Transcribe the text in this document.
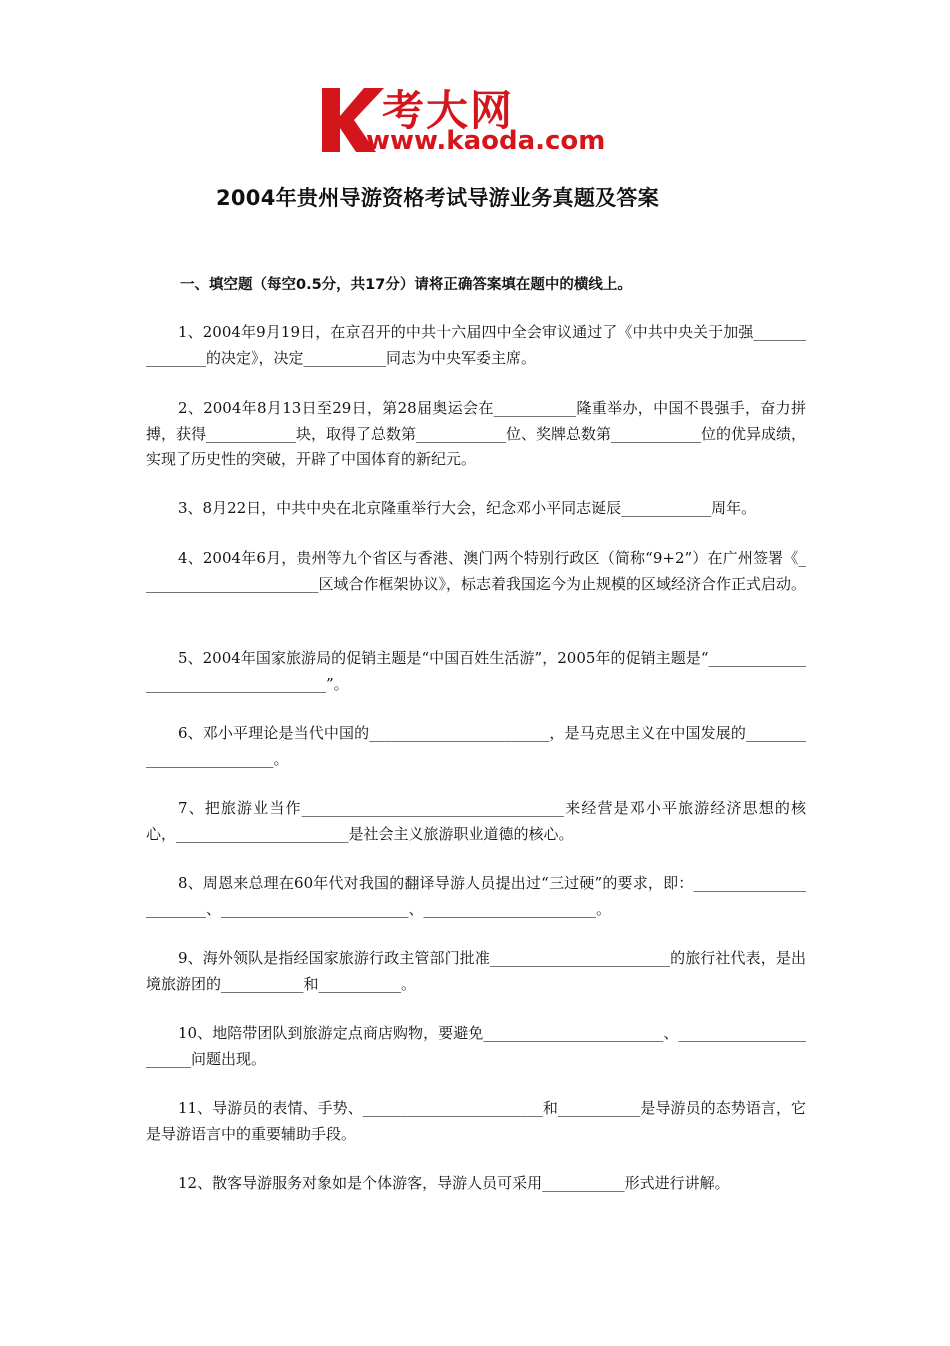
考大网
www.kaoda.com
2004年贵州导游资格考试导游业务真题及答案
一、填空题（每空0.5分，共17分）请将正确答案填在题中的横线上。

1、2004年9月19日，在京召开的中共十六届四中全会审议通过了《中共中央关于加强_______________的决定》，决定___________同志为中央军委主席。

2、2004年8月13日至29日，第28届奥运会在___________隆重举办，中国不畏强手，奋力拼搏，获得____________块，取得了总数第____________位、奖牌总数第____________位的优异成绩，实现了历史性的突破，开辟了中国体育的新纪元。

3、8月22日，中共中央在北京隆重举行大会，纪念邓小平同志诞辰____________周年。

4、2004年6月，贵州等九个省区与香港、澳门两个特别行政区（简称“9+2”）在广州签署《________________________区域合作框架协议》，标志着我国迄今为止规模的区域经济合作正式启动。

5、2004年国家旅游局的促销主题是“中国百姓生活游”，2005年的促销主题是“_____________________________________”。

6、邓小平理论是当代中国的________________________，是马克思主义在中国发展的_________________________。

7、把旅游业当作___________________________________来经营是邓小平旅游经济思想的核心，_______________________是社会主义旅游职业道德的核心。

8、周恩来总理在60年代对我国的翻译导游人员提出过“三过硬”的要求，即：_______________________、_________________________、_______________________。

9、海外领队是指经国家旅游行政主管部门批准________________________的旅行社代表，是出境旅游团的___________和___________。

10、地陪带团队到旅游定点商店购物，要避免________________________、_______________________问题出现。

11、导游员的表情、手势、________________________和___________是导游员的态势语言，它是导游语言中的重要辅助手段。

12、散客导游服务对象如是个体游客，导游人员可采用___________形式进行讲解。
